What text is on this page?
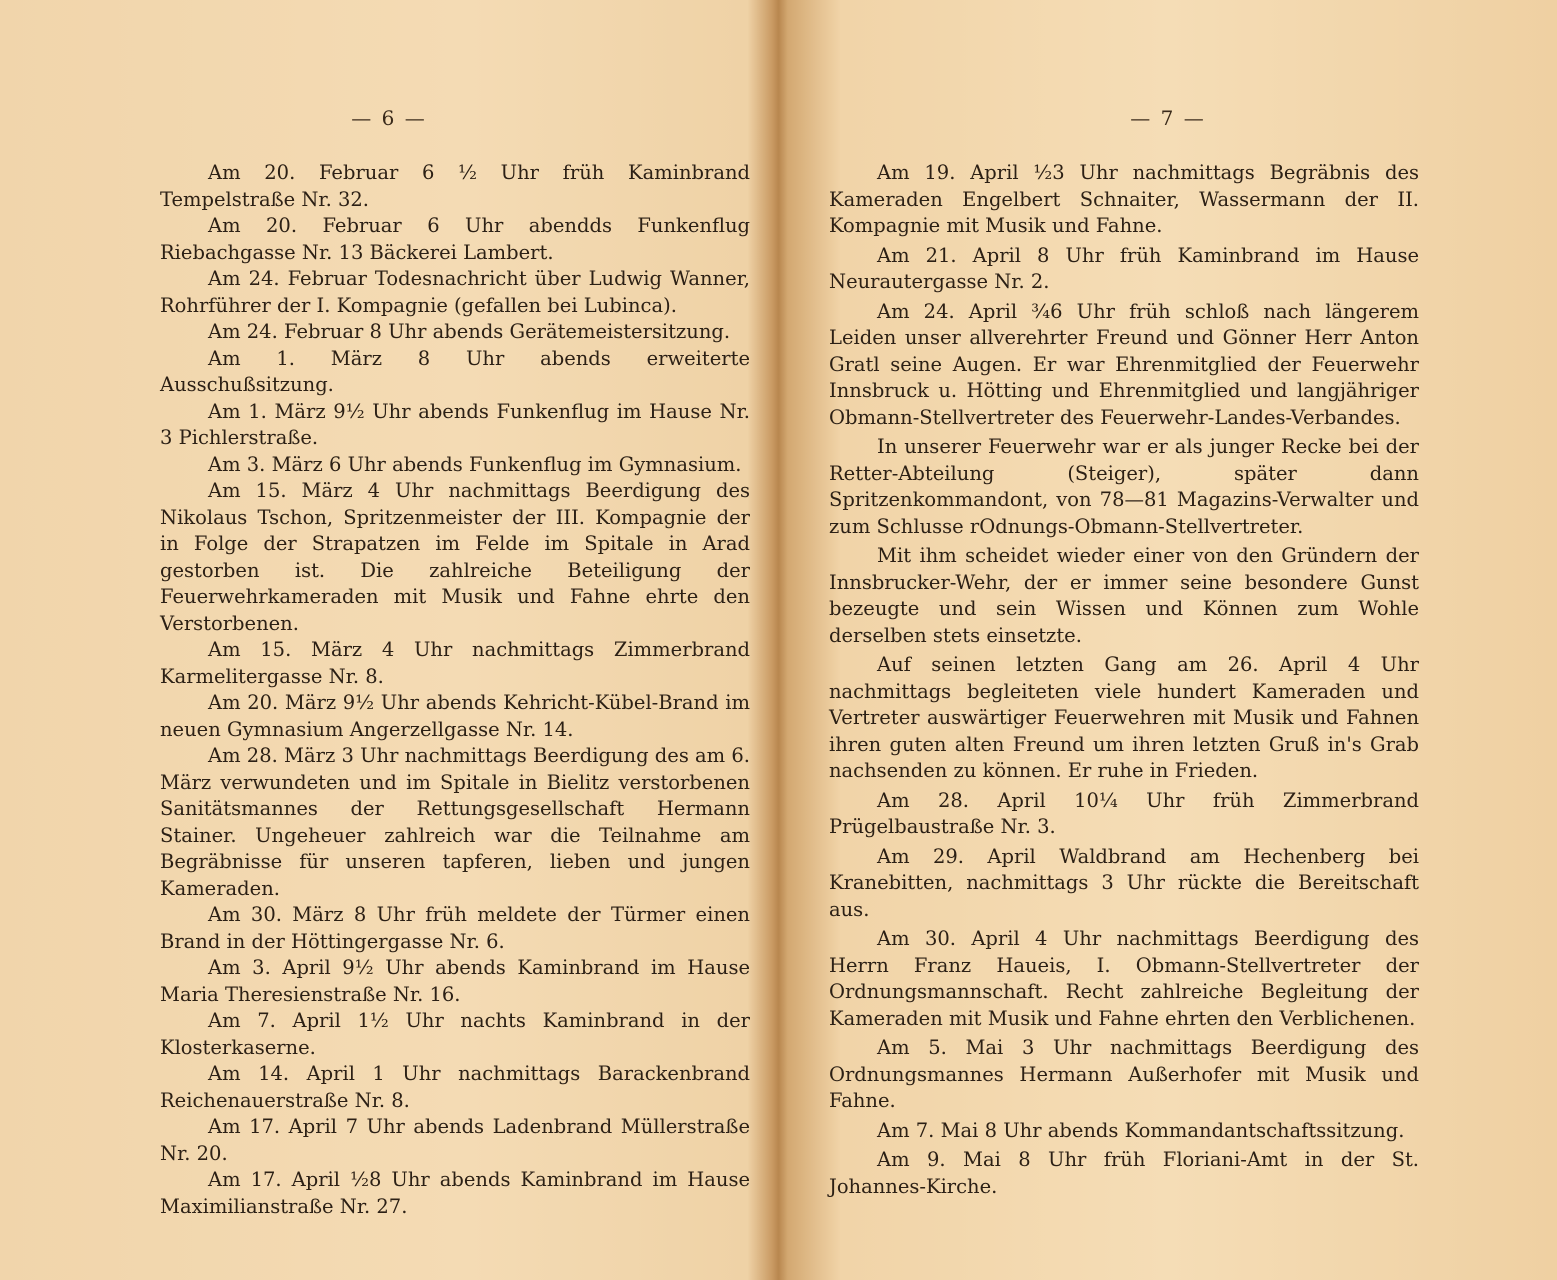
— 6 —

Am 20. Februar 6 ½ Uhr früh Kaminbrand Tempelstraße Nr. 32.

Am 20. Februar 6 Uhr abendds Funkenflug Riebachgasse Nr. 13 Bäckerei Lambert.

Am 24. Februar Todesnachricht über Ludwig Wanner, Rohrführer der I. Kompagnie (gefallen bei Lubinca).

Am 24. Februar 8 Uhr abends Gerätemeistersitzung.

Am 1. März 8 Uhr abends erweiterte Ausschußsitzung.

Am 1. März 9½ Uhr abends Funkenflug im Hause Nr. 3 Pichlerstraße.

Am 3. März 6 Uhr abends Funkenflug im Gymnasium.

Am 15. März 4 Uhr nachmittags Beerdigung des Nikolaus Tschon, Spritzenmeister der III. Kompagnie der in Folge der Strapatzen im Felde im Spitale in Arad gestorben ist. Die zahlreiche Beteiligung der Feuerwehrkameraden mit Musik und Fahne ehrte den Verstorbenen.

Am 15. März 4 Uhr nachmittags Zimmerbrand Karmelitergasse Nr. 8.

Am 20. März 9½ Uhr abends Kehricht-Kübel-Brand im neuen Gymnasium Angerzellgasse Nr. 14.

Am 28. März 3 Uhr nachmittags Beerdigung des am 6. März verwundeten und im Spitale in Bielitz verstorbenen Sanitätsmannes der Rettungsgesellschaft Hermann Stainer. Ungeheuer zahlreich war die Teilnahme am Begräbnisse für unseren tapferen, lieben und jungen Kameraden.

Am 30. März 8 Uhr früh meldete der Türmer einen Brand in der Höttingergasse Nr. 6.

Am 3. April 9½ Uhr abends Kaminbrand im Hause Maria Theresienstraße Nr. 16.

Am 7. April 1½ Uhr nachts Kaminbrand in der Klosterkaserne.

Am 14. April 1 Uhr nachmittags Barackenbrand Reichenauerstraße Nr. 8.

Am 17. April 7 Uhr abends Ladenbrand Müllerstraße Nr. 20.

Am 17. April ½8 Uhr abends Kaminbrand im Hause Maximilianstraße Nr. 27.

— 7 —

Am 19. April ½3 Uhr nachmittags Begräbnis des Kameraden Engelbert Schnaiter, Wassermann der II. Kompagnie mit Musik und Fahne.

Am 21. April 8 Uhr früh Kaminbrand im Hause Neurautergasse Nr. 2.

Am 24. April ¾6 Uhr früh schloß nach längerem Leiden unser allverehrter Freund und Gönner Herr Anton Gratl seine Augen. Er war Ehrenmitglied der Feuerwehr Innsbruck u. Hötting und Ehrenmitglied und langjähriger Obmann-Stellvertreter des Feuerwehr-Landes-Verbandes.

In unserer Feuerwehr war er als junger Recke bei der Retter-Abteilung (Steiger), später dann Spritzenkommandont, von 78—81 Magazins-Verwalter und zum Schlusse rOdnungs-Obmann-Stellvertreter.

Mit ihm scheidet wieder einer von den Gründern der Innsbrucker-Wehr, der er immer seine besondere Gunst bezeugte und sein Wissen und Können zum Wohle derselben stets einsetzte.

Auf seinen letzten Gang am 26. April 4 Uhr nachmittags begleiteten viele hundert Kameraden und Vertreter auswärtiger Feuerwehren mit Musik und Fahnen ihren guten alten Freund um ihren letzten Gruß in's Grab nachsenden zu können. Er ruhe in Frieden.

Am 28. April 10¼ Uhr früh Zimmerbrand Prügelbaustraße Nr. 3.

Am 29. April Waldbrand am Hechenberg bei Kranebitten, nachmittags 3 Uhr rückte die Bereitschaft aus.

Am 30. April 4 Uhr nachmittags Beerdigung des Herrn Franz Haueis, I. Obmann-Stellvertreter der Ordnungsmannschaft. Recht zahlreiche Begleitung der Kameraden mit Musik und Fahne ehrten den Verblichenen.

Am 5. Mai 3 Uhr nachmittags Beerdigung des Ordnungsmannes Hermann Außerhofer mit Musik und Fahne.

Am 7. Mai 8 Uhr abends Kommandantschaftssitzung.

Am 9. Mai 8 Uhr früh Floriani-Amt in der St. Johannes-Kirche.
